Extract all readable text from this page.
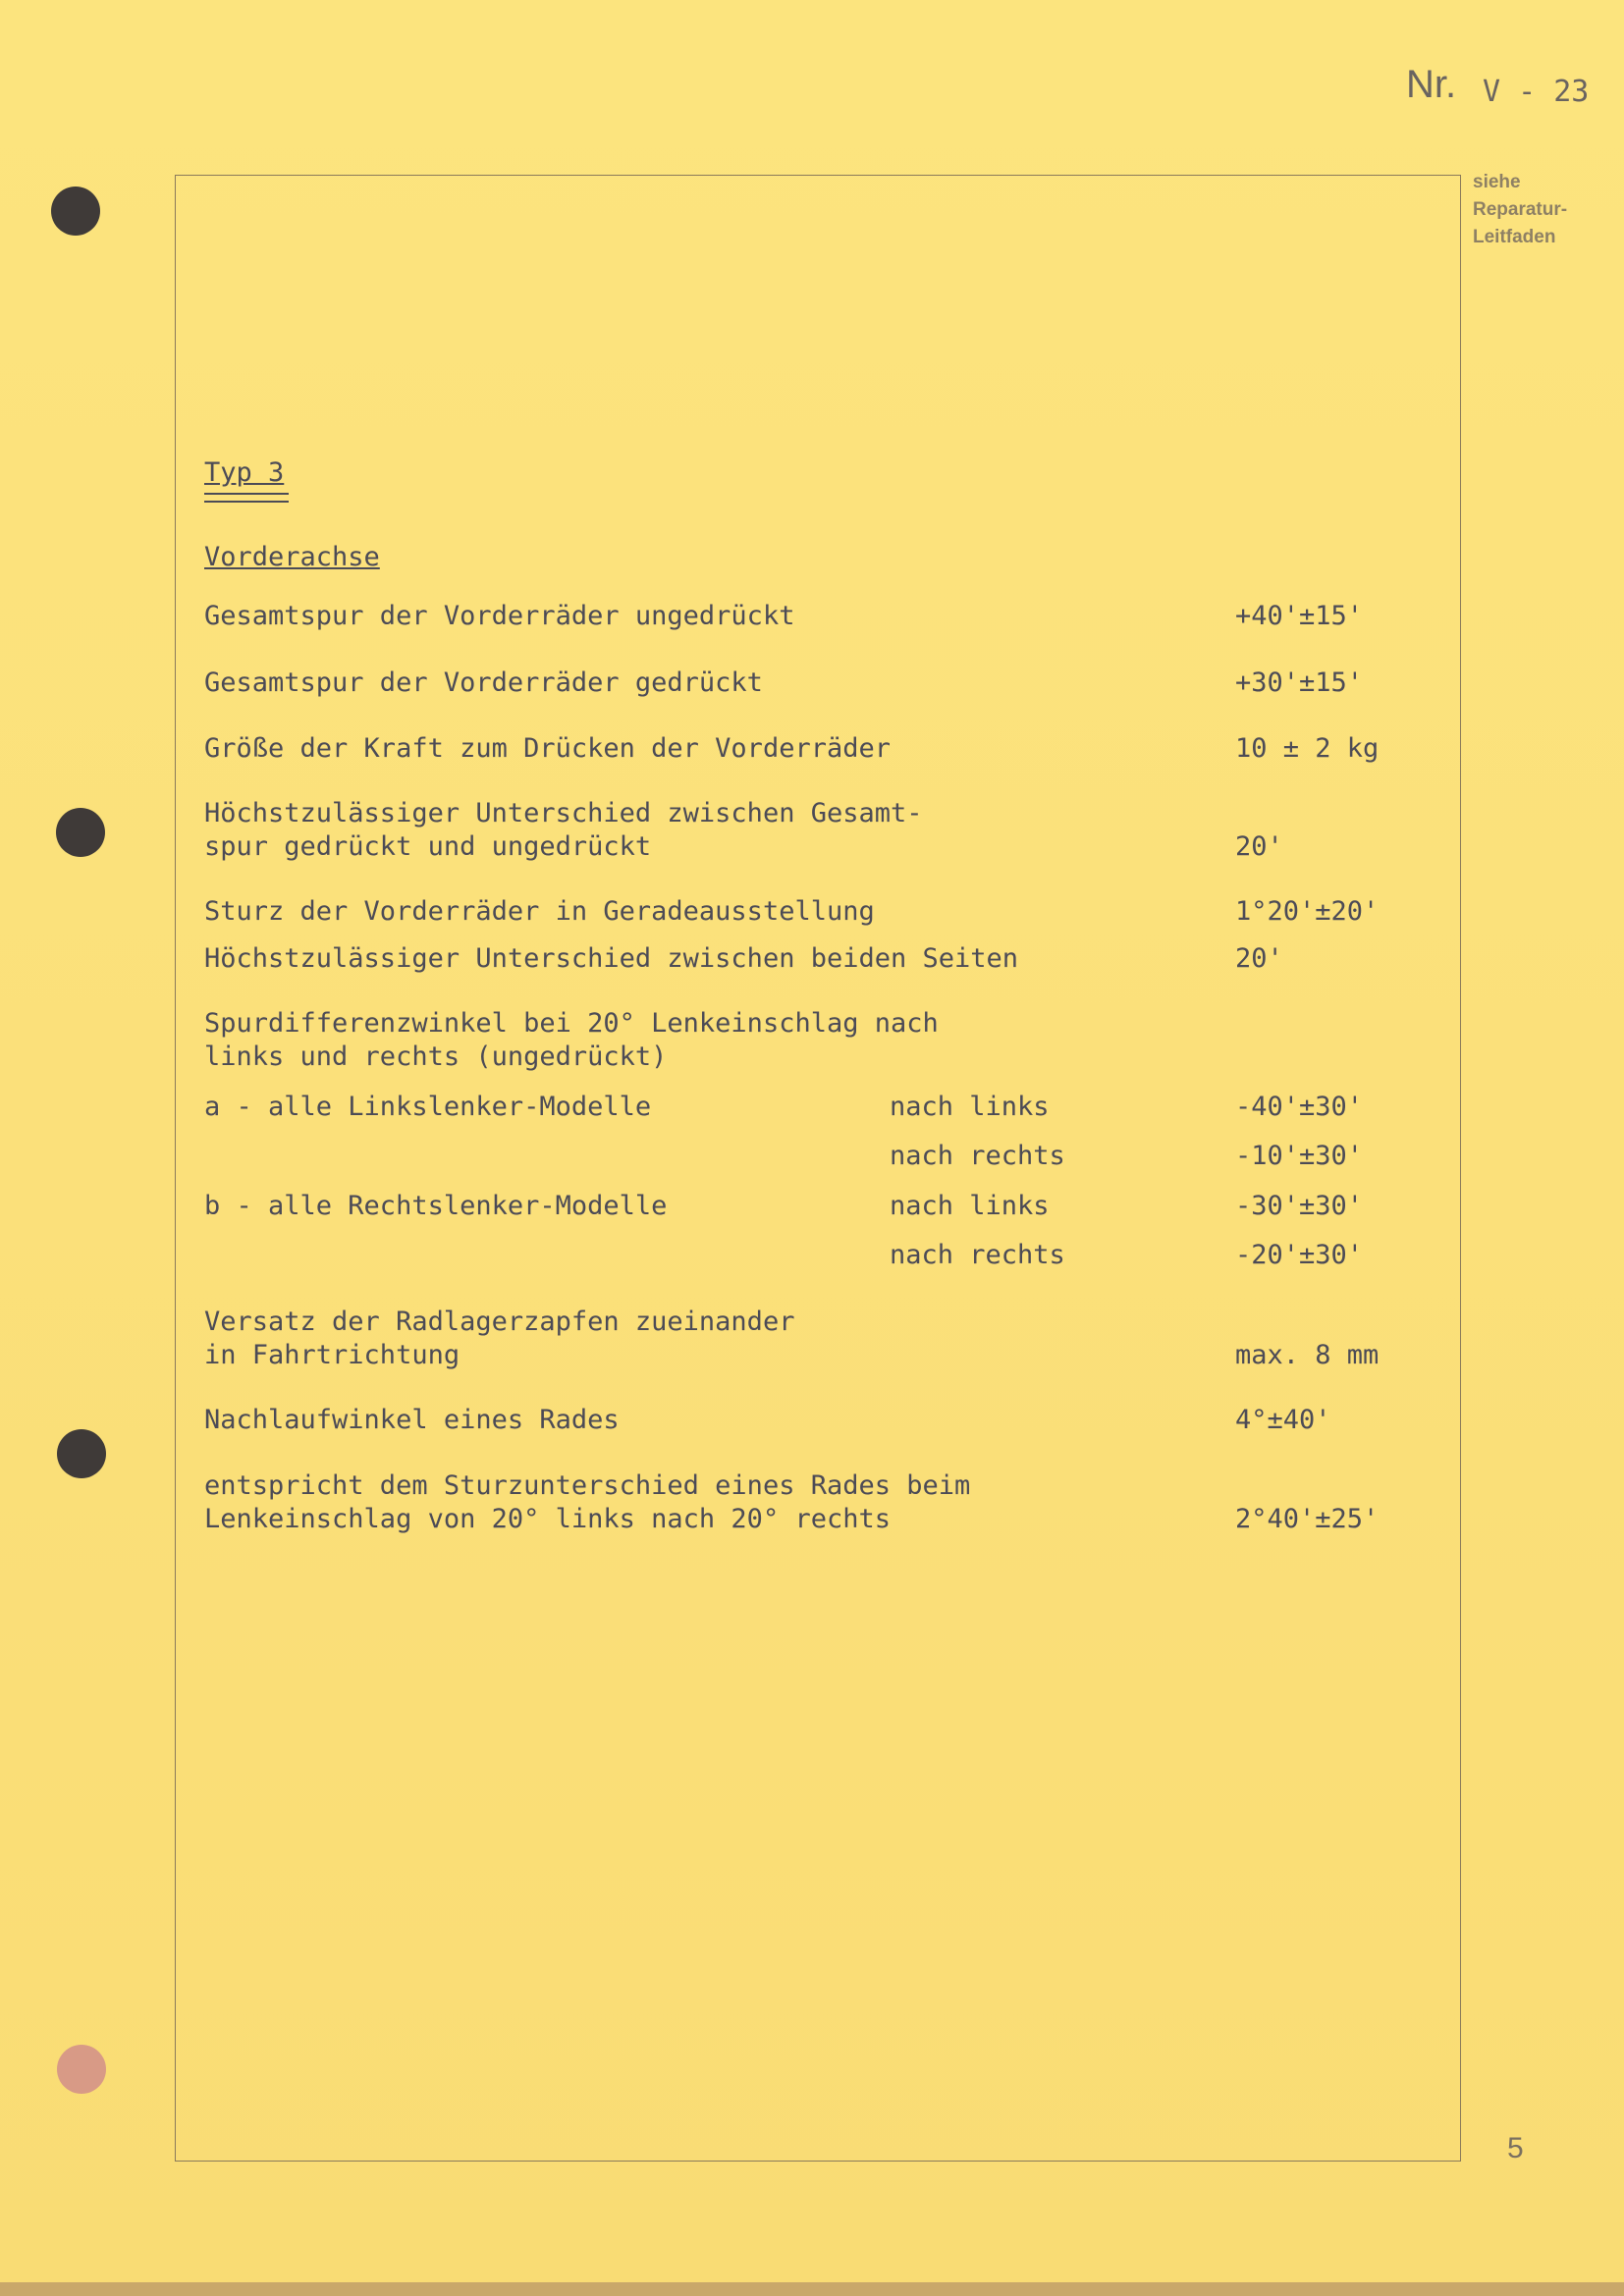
Nr. V - 23
siehe
Reparatur-
Leitfaden
Typ 3
Vorderachse
Gesamtspur der Vorderräder ungedrückt	+40'±15'
Gesamtspur der Vorderräder gedrückt	+30'±15'
Größe der Kraft zum Drücken der Vorderräder	10 ± 2 kg
Höchstzulässiger Unterschied zwischen Gesamt-
spur gedrückt und ungedrückt	20'
Sturz der Vorderräder in Geradeausstellung	1°20'±20'
Höchstzulässiger Unterschied zwischen beiden Seiten	20'
Spurdifferenzwinkel bei 20° Lenkeinschlag nach
links und rechts (ungedrückt)
a - alle Linkslenker-Modelle	nach links	-40'±30'
nach rechts	-10'±30'
b - alle Rechtslenker-Modelle	nach links	-30'±30'
nach rechts	-20'±30'
Versatz der Radlagerzapfen zueinander
in Fahrtrichtung	max. 8 mm
Nachlaufwinkel eines Rades	4°±40'
entspricht dem Sturzunterschied eines Rades beim
Lenkeinschlag von 20° links nach 20° rechts	2°40'±25'
5
